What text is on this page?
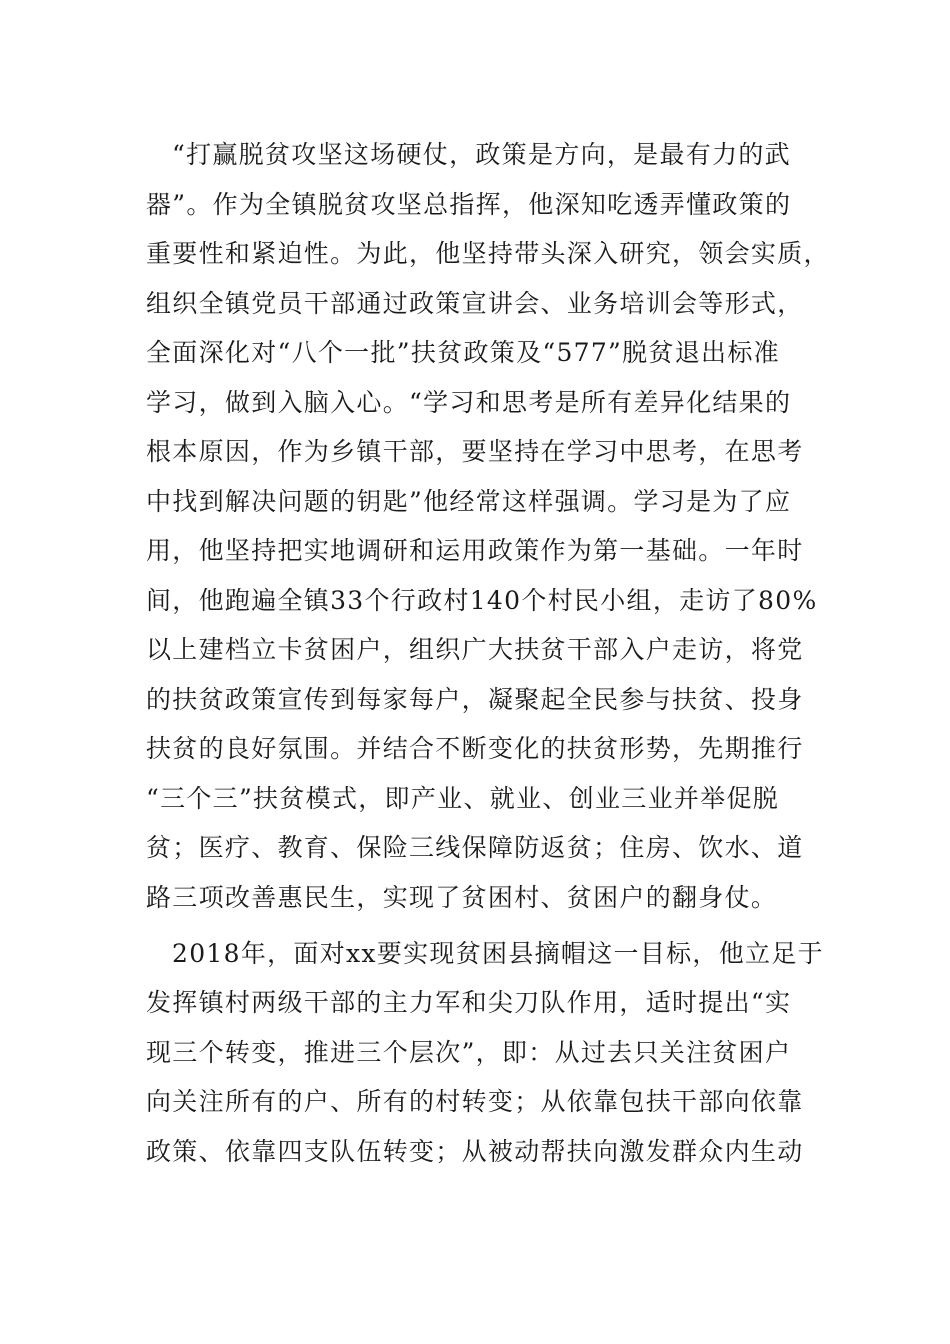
“打赢脱贫攻坚这场硬仗，政策是方向，是最有力的武
器”。作为全镇脱贫攻坚总指挥，他深知吃透弄懂政策的
重要性和紧迫性。为此，他坚持带头深入研究，领会实质，
组织全镇党员干部通过政策宣讲会、业务培训会等形式，
全面深化对“八个一批”扶贫政策及“577”脱贫退出标准
学习，做到入脑入心。“学习和思考是所有差异化结果的
根本原因，作为乡镇干部，要坚持在学习中思考，在思考
中找到解决问题的钥匙”他经常这样强调。学习是为了应
用，他坚持把实地调研和运用政策作为第一基础。一年时
间，他跑遍全镇33个行政村140个村民小组，走访了80%
以上建档立卡贫困户，组织广大扶贫干部入户走访，将党
的扶贫政策宣传到每家每户，凝聚起全民参与扶贫、投身
扶贫的良好氛围。并结合不断变化的扶贫形势，先期推行
“三个三”扶贫模式，即产业、就业、创业三业并举促脱
贫；医疗、教育、保险三线保障防返贫；住房、饮水、道
路三项改善惠民生，实现了贫困村、贫困户的翻身仗。
2018年，面对xx要实现贫困县摘帽这一目标，他立足于
发挥镇村两级干部的主力军和尖刀队作用，适时提出“实
现三个转变，推进三个层次”，即：从过去只关注贫困户
向关注所有的户、所有的村转变；从依靠包扶干部向依靠
政策、依靠四支队伍转变；从被动帮扶向激发群众内生动
